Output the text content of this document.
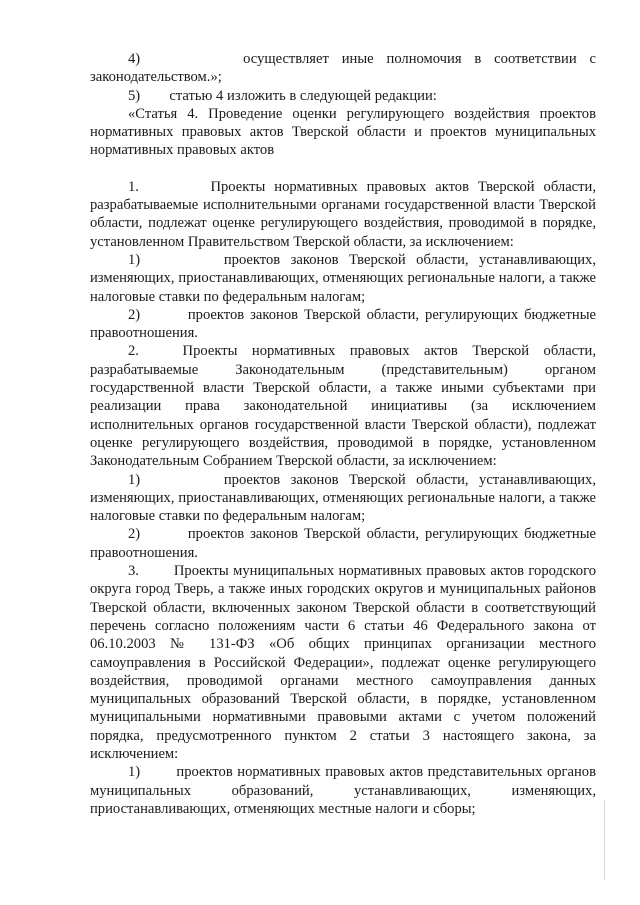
4)        осуществляет иные полномочия в соответствии с законодательством.»;

5)        статью 4 изложить в следующей редакции:

«Статья 4. Проведение оценки регулирующего воздействия проектов нормативных правовых актов Тверской области и проектов муниципальных нормативных правовых актов

1.        Проекты нормативных правовых актов Тверской области, разрабатываемые исполнительными органами государственной власти Тверской области, подлежат оценке регулирующего воздействия, проводимой в порядке, установленном Правительством Тверской области, за исключением:

1)        проектов законов Тверской области, устанавливающих, изменяющих, приостанавливающих, отменяющих региональные налоги, а также налоговые ставки по федеральным налогам;

2)        проектов законов Тверской области, регулирующих бюджетные правоотношения.

2.   Проекты нормативных правовых актов Тверской области, разрабатываемые Законодательным (представительным) органом государственной власти Тверской области, а также иными субъектами при реализации права законодательной инициативы (за исключением исполнительных органов государственной власти Тверской области), подлежат оценке регулирующего воздействия, проводимой в порядке, установленном Законодательным Собранием Тверской области, за исключением:

1)        проектов законов Тверской области, устанавливающих, изменяющих, приостанавливающих, отменяющих региональные налоги, а также налоговые ставки по федеральным налогам;

2)        проектов законов Тверской области, регулирующих бюджетные правоотношения.

3.        Проекты муниципальных нормативных правовых актов городского округа город Тверь, а также иных городских округов и муниципальных районов Тверской области, включенных законом Тверской области в соответствующий перечень согласно положениям части 6 статьи 46 Федерального закона от 06.10.2003 № 131-ФЗ «Об общих принципах организации местного самоуправления в Российской Федерации», подлежат оценке регулирующего воздействия, проводимой органами местного самоуправления данных муниципальных образований Тверской области, в порядке, установленном муниципальными нормативными правовыми актами с учетом положений порядка, предусмотренного пунктом 2 статьи 3 настоящего закона, за исключением:

1)        проектов нормативных правовых актов представительных органов муниципальных образований, устанавливающих, изменяющих, приостанавливающих, отменяющих местные налоги и сборы;
